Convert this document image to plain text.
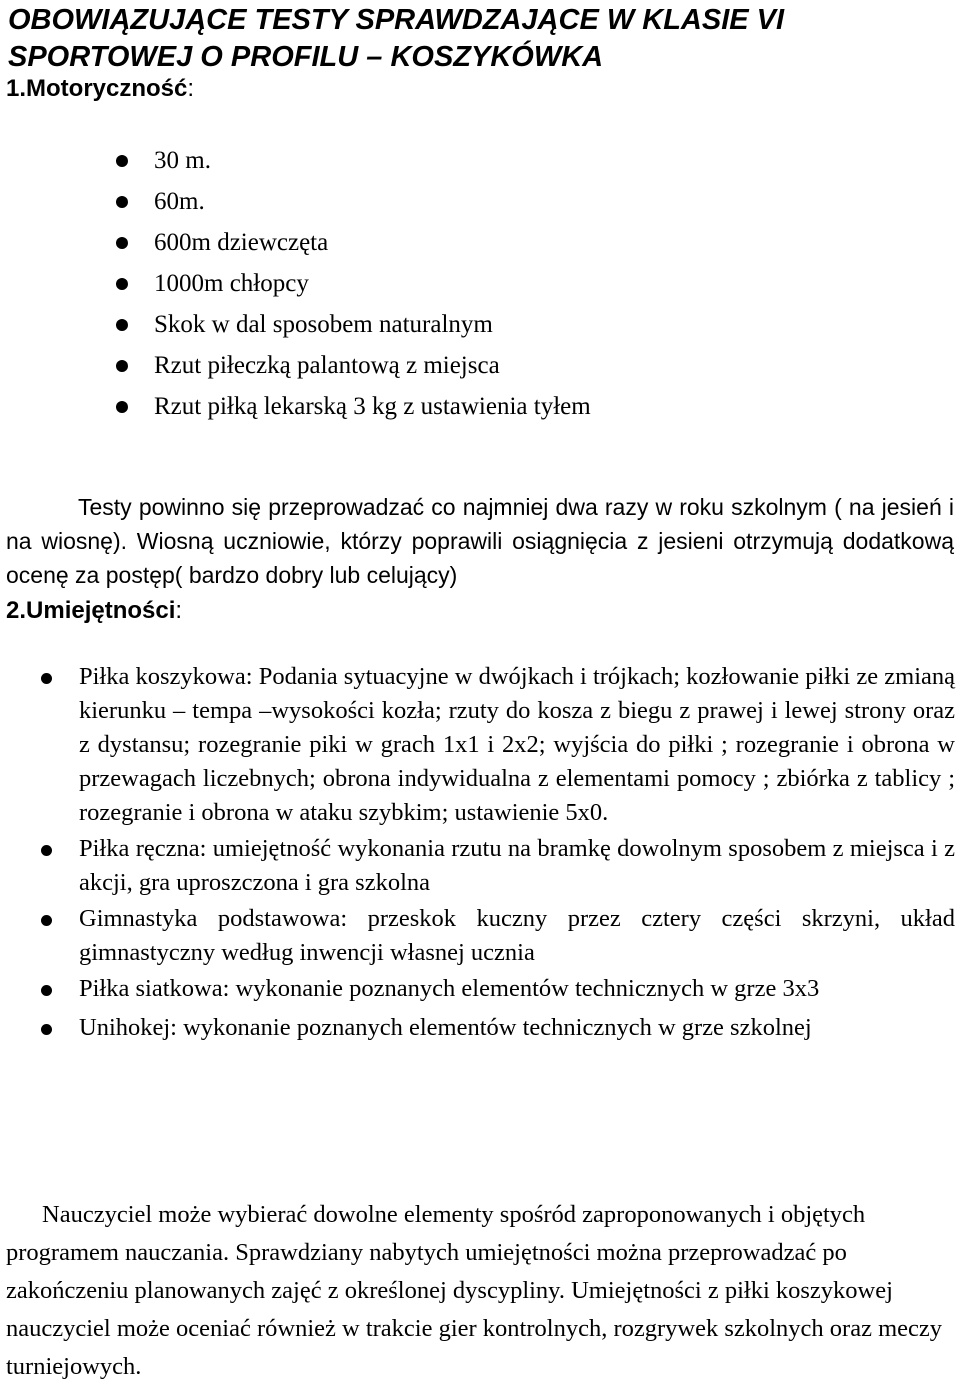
OBOWIĄZUJĄCE TESTY SPRAWDZAJĄCE W KLASIE VI SPORTOWEJ O PROFILU – KOSZYKÓWKA
1.Motoryczność:
30 m.
60m.
600m dziewczęta
1000m chłopcy
Skok w dal sposobem naturalnym
Rzut piłeczką palantową z miejsca
Rzut piłką lekarską 3 kg z ustawienia tyłem

Testy powinno się przeprowadzać co najmniej dwa razy w roku szkolnym ( na jesień i na wiosnę). Wiosną uczniowie, którzy poprawili osiągnięcia z jesieni otrzymują dodatkową ocenę za postęp( bardzo dobry lub celujący)

2.Umiejętności:
Piłka koszykowa: Podania sytuacyjne w dwójkach i trójkach; kozłowanie piłki ze zmianą kierunku – tempa –wysokości kozła; rzuty do kosza z biegu z prawej i lewej strony oraz z dystansu; rozegranie piki w grach 1x1 i 2x2; wyjścia do piłki ; rozegranie i obrona w przewagach liczebnych; obrona indywidualna z elementami pomocy ; zbiórka z tablicy ; rozegranie i obrona w ataku szybkim; ustawienie 5x0.
Piłka ręczna: umiejętność wykonania rzutu na bramkę dowolnym sposobem z miejsca i z akcji, gra uproszczona i gra szkolna
Gimnastyka podstawowa: przeskok kuczny przez cztery części skrzyni, układ gimnastyczny według inwencji własnej ucznia
Piłka siatkowa: wykonanie poznanych elementów technicznych w grze 3x3
Unihokej: wykonanie poznanych elementów technicznych w grze szkolnej

Nauczyciel może wybierać dowolne elementy spośród zaproponowanych i objętych programem nauczania. Sprawdziany nabytych umiejętności można przeprowadzać po zakończeniu planowanych zajęć z określonej dyscypliny. Umiejętności z piłki koszykowej nauczyciel może oceniać również w trakcie gier kontrolnych, rozgrywek szkolnych oraz meczy turniejowych.
